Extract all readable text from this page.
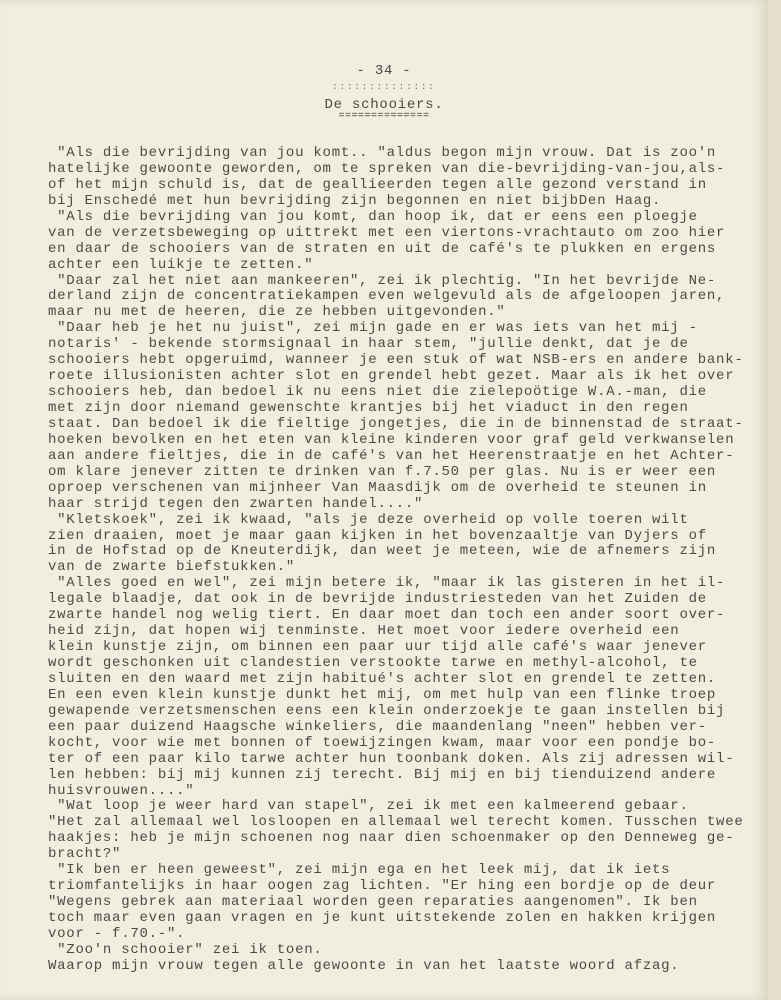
- 34 -
::::::::::::::
De schooiers.
==============
"Als die bevrijding van jou komt.. "aldus begon mijn vrouw. Dat is zoo'n
hatelijke gewoonte geworden, om te spreken van die-bevrijding-van-jou,als-
of het mijn schuld is, dat de geallieerden tegen alle gezond verstand in
bij Enschedé met hun bevrijding zijn begonnen en niet bijbDen Haag.
"Als die bevrijding van jou komt, dan hoop ik, dat er eens een ploegje
van de verzetsbeweging op uittrekt met een viertons-vrachtauto om zoo hier
en daar de schooiers van de straten en uit de café's te plukken en ergens
achter een luikje te zetten."
"Daar zal het niet aan mankeeren", zei ik plechtig. "In het bevrijde Ne-
derland zijn de concentratiekampen even welgevuld als de afgeloopen jaren,
maar nu met de heeren, die ze hebben uitgevonden."
"Daar heb je het nu juist", zei mijn gade en er was iets van het mij -
notaris' - bekende stormsignaal in haar stem, "jullie denkt, dat je de
schooiers hebt opgeruimd, wanneer je een stuk of wat NSB-ers en andere bank-
roete illusionisten achter slot en grendel hebt gezet. Maar als ik het over
schooiers heb, dan bedoel ik nu eens niet die zielepoötige W.A.-man, die
met zijn door niemand gewenschte krantjes bij het viaduct in den regen
staat. Dan bedoel ik die fieltige jongetjes, die in de binnenstad de straat-
hoeken bevolken en het eten van kleine kinderen voor graf geld verkwanselen
aan andere fieltjes, die in de café's van het Heerenstraatje en het Achter-
om klare jenever zitten te drinken van f.7.50 per glas. Nu is er weer een
oproep verschenen van mijnheer Van Maasdijk om de overheid te steunen in
haar strijd tegen den zwarten handel...."
"Kletskoek", zei ik kwaad, "als je deze overheid op volle toeren wilt
zien draaien, moet je maar gaan kijken in het bovenzaaltje van Dyjers of
in de Hofstad op de Kneuterdijk, dan weet je meteen, wie de afnemers zijn
van de zwarte biefstukken."
"Alles goed en wel", zei mijn betere ik, "maar ik las gisteren in het il-
legale blaadje, dat ook in de bevrijde industriesteden van het Zuiden de
zwarte handel nog welig tiert. En daar moet dan toch een ander soort over-
heid zijn, dat hopen wij tenminste. Het moet voor iedere overheid een
klein kunstje zijn, om binnen een paar uur tijd alle café's waar jenever
wordt geschonken uit clandestien verstookte tarwe en methyl-alcohol, te
sluiten en den waard met zijn habitué's achter slot en grendel te zetten.
En een even klein kunstje dunkt het mij, om met hulp van een flinke troep
gewapende verzetsmenschen eens een klein onderzoekje te gaan instellen bij
een paar duizend Haagsche winkeliers, die maandenlang "neen" hebben ver-
kocht, voor wie met bonnen of toewijzingen kwam, maar voor een pondje bo-
ter of een paar kilo tarwe achter hun toonbank doken. Als zij adressen wil-
len hebben: bij mij kunnen zij terecht. Bij mij en bij tienduizend andere
huisvrouwen...."
"Wat loop je weer hard van stapel", zei ik met een kalmeerend gebaar.
"Het zal allemaal wel losloopen en allemaal wel terecht komen. Tusschen twee
haakjes: heb je mijn schoenen nog naar dien schoenmaker op den Denneweg ge-
bracht?"
"Ik ben er heen geweest", zei mijn ega en het leek mij, dat ik iets
triomfantelijks in haar oogen zag lichten. "Er hing een bordje op de deur
"Wegens gebrek aan materiaal worden geen reparaties aangenomen". Ik ben
toch maar even gaan vragen en je kunt uitstekende zolen en hakken krijgen
voor - f.70.-".
"Zoo'n schooier" zei ik toen.
Waarop mijn vrouw tegen alle gewoonte in van het laatste woord afzag.
